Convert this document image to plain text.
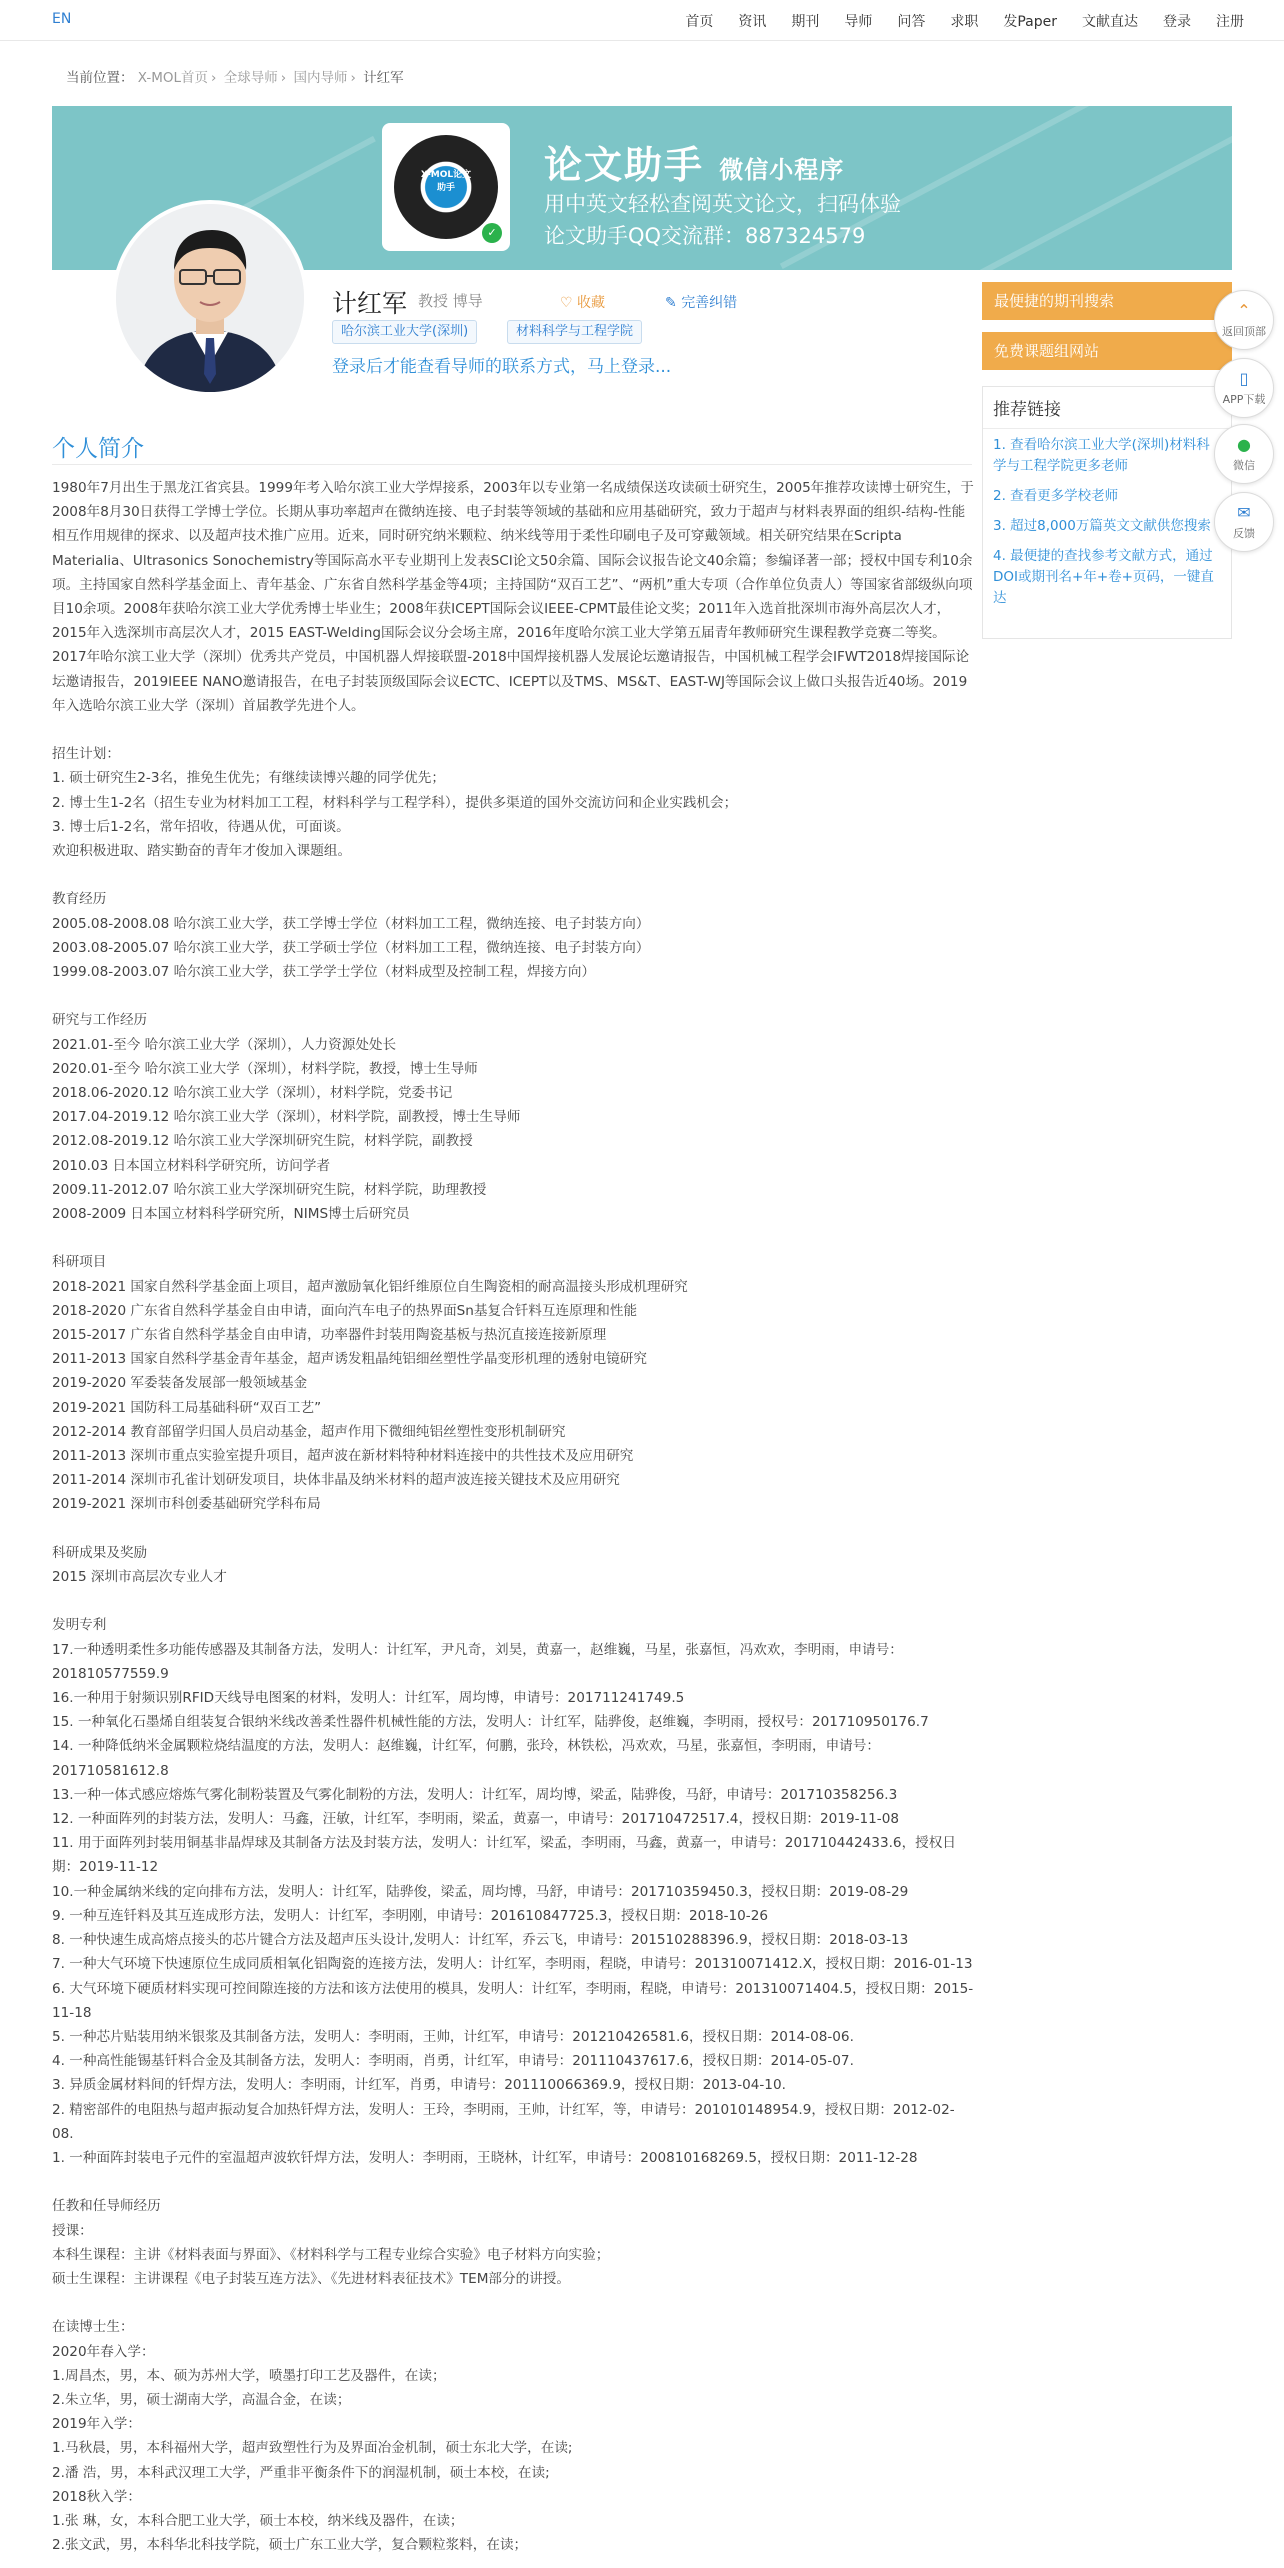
EN	首页 资讯 期刊 导师 问答 求职 发Paper 文献直达 登录 注册
当前位置： X-MOL首页 › 全球导师 › 国内导师 › 计红军
X-MOL论文助手
✓
论文助手 微信小程序
用中英文轻松查阅英文论文，扫码体验
论文助手QQ交流群：887324579
计红军 教授 博导	♡ 收藏	✎ 完善纠错
哈尔滨工业大学(深圳)	材料科学与工程学院
登录后才能查看导师的联系方式，马上登录...
最便捷的期刊搜索
免费课题组网站
推荐链接
1. 查看哈尔滨工业大学(深圳)材料科学与工程学院更多老师
2. 查看更多学校老师
3. 超过8,000万篇英文文献供您搜索
4. 最便捷的查找参考文献方式，通过DOI或期刊名+年+卷+页码，一键直达
⌃
返回顶部
▯
APP下载
●
微信
✉
反馈
个人简介

1980年7月出生于黑龙江省宾县。1999年考入哈尔滨工业大学焊接系，2003年以专业第一名成绩保送攻读硕士研究生，2005年推荐攻读博士研究生，于2008年8月30日获得工学博士学位。长期从事功率超声在微纳连接、电子封装等领域的基础和应用基础研究，致力于超声与材料表界面的组织-结构-性能相互作用规律的探求、以及超声技术推广应用。近来，同时研究纳米颗粒、纳米线等用于柔性印刷电子及可穿戴领域。相关研究结果在Scripta Materialia、Ultrasonics Sonochemistry等国际高水平专业期刊上发表SCI论文50余篇、国际会议报告论文40余篇；参编译著一部；授权中国专利10余项。主持国家自然科学基金面上、青年基金、广东省自然科学基金等4项；主持国防“双百工艺”、“两机”重大专项（合作单位负责人）等国家省部级纵向项目10余项。2008年获哈尔滨工业大学优秀博士毕业生；2008年获ICEPT国际会议IEEE-CPMT最佳论文奖；2011年入选首批深圳市海外高层次人才，2015年入选深圳市高层次人才，2015 EAST-Welding国际会议分会场主席，2016年度哈尔滨工业大学第五届青年教师研究生课程教学竞赛二等奖。2017年哈尔滨工业大学（深圳）优秀共产党员，中国机器人焊接联盟-2018中国焊接机器人发展论坛邀请报告，中国机械工程学会IFWT2018焊接国际论坛邀请报告，2019IEEE NANO邀请报告，在电子封装顶级国际会议ECTC、ICEPT以及TMS、MS&T、EAST-WJ等国际会议上做口头报告近40场。2019年入选哈尔滨工业大学（深圳）首届教学先进个人。

招生计划：

1. 硕士研究生2-3名，推免生优先；有继续读博兴趣的同学优先；

2. 博士生1-2名（招生专业为材料加工工程，材料科学与工程学科），提供多渠道的国外交流访问和企业实践机会；

3. 博士后1-2名，常年招收，待遇从优，可面谈。

欢迎积极进取、踏实勤奋的青年才俊加入课题组。

教育经历

2005.08-2008.08 哈尔滨工业大学，获工学博士学位（材料加工工程，微纳连接、电子封装方向）

2003.08-2005.07 哈尔滨工业大学，获工学硕士学位（材料加工工程，微纳连接、电子封装方向）

1999.08-2003.07 哈尔滨工业大学，获工学学士学位（材料成型及控制工程，焊接方向）

研究与工作经历

2021.01-至今 哈尔滨工业大学（深圳），人力资源处处长

2020.01-至今 哈尔滨工业大学（深圳），材料学院，教授，博士生导师

2018.06-2020.12 哈尔滨工业大学（深圳），材料学院，党委书记

2017.04-2019.12 哈尔滨工业大学（深圳），材料学院，副教授，博士生导师

2012.08-2019.12 哈尔滨工业大学深圳研究生院，材料学院，副教授

2010.03 日本国立材料科学研究所，访问学者

2009.11-2012.07 哈尔滨工业大学深圳研究生院，材料学院，助理教授

2008-2009 日本国立材料科学研究所，NIMS博士后研究员

科研项目

2018-2021 国家自然科学基金面上项目，超声激励氧化铝纤维原位自生陶瓷相的耐高温接头形成机理研究

2018-2020 广东省自然科学基金自由申请，面向汽车电子的热界面Sn基复合钎料互连原理和性能

2015-2017 广东省自然科学基金自由申请，功率器件封装用陶瓷基板与热沉直接连接新原理

2011-2013 国家自然科学基金青年基金，超声诱发粗晶纯铝细丝塑性学晶变形机理的透射电镜研究

2019-2020 军委装备发展部一般领域基金

2019-2021 国防科工局基础科研“双百工艺”

2012-2014 教育部留学归国人员启动基金，超声作用下微细纯铝丝塑性变形机制研究

2011-2013 深圳市重点实验室提升项目，超声波在新材料特种材料连接中的共性技术及应用研究

2011-2014 深圳市孔雀计划研发项目，块体非晶及纳米材料的超声波连接关键技术及应用研究

2019-2021 深圳市科创委基础研究学科布局

科研成果及奖励

2015 深圳市高层次专业人才

发明专利

17.一种透明柔性多功能传感器及其制备方法，发明人：计红军，尹凡奇，刘昊，黄嘉一，赵维巍，马星，张嘉恒，冯欢欢，李明雨，申请号：201810577559.9

16.一种用于射频识别RFID天线导电图案的材料，发明人：计红军，周均博，申请号：201711241749.5

15. 一种氧化石墨烯自组装复合银纳米线改善柔性器件机械性能的方法，发明人：计红军，陆骅俊，赵维巍，李明雨，授权号：201710950176.7

14. 一种降低纳米金属颗粒烧结温度的方法，发明人：赵维巍，计红军，何鹏，张玲，林铁松，冯欢欢，马星，张嘉恒，李明雨，申请号：201710581612.8

13.一种一体式感应熔炼气雾化制粉装置及气雾化制粉的方法，发明人：计红军，周均博，梁孟，陆骅俊，马舒，申请号：201710358256.3

12. 一种面阵列的封装方法，发明人：马鑫，汪敏，计红军，李明雨，梁孟，黄嘉一，申请号：201710472517.4，授权日期：2019-11-08

11. 用于面阵列封装用铜基非晶焊球及其制备方法及封装方法，发明人：计红军，梁孟，李明雨，马鑫，黄嘉一，申请号：201710442433.6，授权日期：2019-11-12

10.一种金属纳米线的定向排布方法，发明人：计红军，陆骅俊，梁孟，周均博，马舒，申请号：201710359450.3，授权日期：2019-08-29

9. 一种互连钎料及其互连成形方法，发明人：计红军，李明刚，申请号：201610847725.3，授权日期：2018-10-26

8. 一种快速生成高熔点接头的芯片键合方法及超声压头设计,发明人：计红军，乔云飞，申请号：201510288396.9，授权日期：2018-03-13

7. 一种大气环境下快速原位生成同质相氧化铝陶瓷的连接方法，发明人：计红军，李明雨，程晓，申请号：201310071412.X，授权日期：2016-01-13

6. 大气环境下硬质材料实现可控间隙连接的方法和该方法使用的模具，发明人：计红军，李明雨，程晓，申请号：201310071404.5，授权日期：2015-11-18

5. 一种芯片贴装用纳米银浆及其制备方法，发明人：李明雨，王帅，计红军，申请号：201210426581.6，授权日期：2014-08-06.

4. 一种高性能锡基钎料合金及其制备方法，发明人：李明雨，肖勇，计红军，申请号：201110437617.6，授权日期：2014-05-07.

3. 异质金属材料间的钎焊方法，发明人：李明雨，计红军，肖勇，申请号：201110066369.9，授权日期：2013-04-10.

2. 精密部件的电阻热与超声振动复合加热钎焊方法，发明人：王玲，李明雨，王帅，计红军，等，申请号：201010148954.9，授权日期：2012-02-08.

1. 一种面阵封装电子元件的室温超声波软钎焊方法，发明人：李明雨，王晓林，计红军，申请号：200810168269.5，授权日期：2011-12-28

任教和任导师经历

授课：

本科生课程：主讲《材料表面与界面》、《材料科学与工程专业综合实验》电子材料方向实验；

硕士生课程：主讲课程《电子封装互连方法》、《先进材料表征技术》TEM部分的讲授。

在读博士生：

2020年春入学：

1.周昌杰，男，本、硕为苏州大学，喷墨打印工艺及器件，在读；

2.朱立华，男，硕士湖南大学，高温合金，在读；

2019年入学：

1.马秋晨，男，本科福州大学，超声致塑性行为及界面冶金机制，硕士东北大学，在读;

2.潘 浩，男，本科武汉理工大学，严重非平衡条件下的润湿机制，硕士本校，在读;

2018秋入学：

1.张 琳，女，本科合肥工业大学，硕士本校，纳米线及器件，在读；

2.张文武，男，本科华北科技学院，硕士广东工业大学，复合颗粒浆料，在读；
